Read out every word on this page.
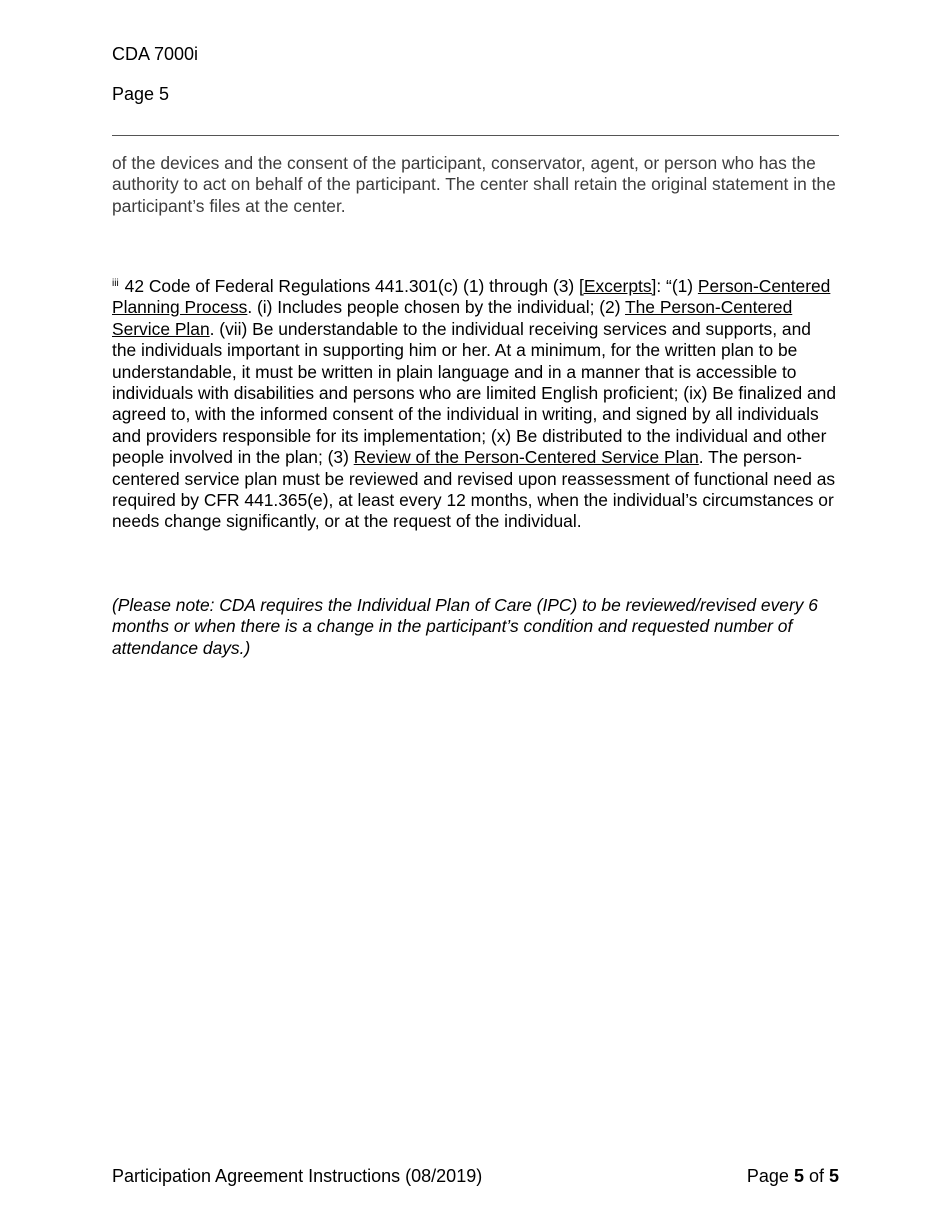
CDA 7000i
Page 5
of the devices and the consent of the participant, conservator, agent, or person who has the authority to act on behalf of the participant. The center shall retain the original statement in the participant’s files at the center.
$^{iii}$ 42 Code of Federal Regulations 441.301(c) (1) through (3) [Excerpts]: “(1) Person-Centered Planning Process. (i) Includes people chosen by the individual; (2) The Person-Centered Service Plan. (vii) Be understandable to the individual receiving services and supports, and the individuals important in supporting him or her. At a minimum, for the written plan to be understandable, it must be written in plain language and in a manner that is accessible to individuals with disabilities and persons who are limited English proficient; (ix) Be finalized and agreed to, with the informed consent of the individual in writing, and signed by all individuals and providers responsible for its implementation; (x) Be distributed to the individual and other people involved in the plan; (3) Review of the Person-Centered Service Plan. The person-centered service plan must be reviewed and revised upon reassessment of functional need as required by CFR 441.365(e), at least every 12 months, when the individual’s circumstances or needs change significantly, or at the request of the individual.
(Please note: CDA requires the Individual Plan of Care (IPC) to be reviewed/revised every 6 months or when there is a change in the participant’s condition and requested number of attendance days.)
Participation Agreement Instructions (08/2019)	Page 5 of 5
